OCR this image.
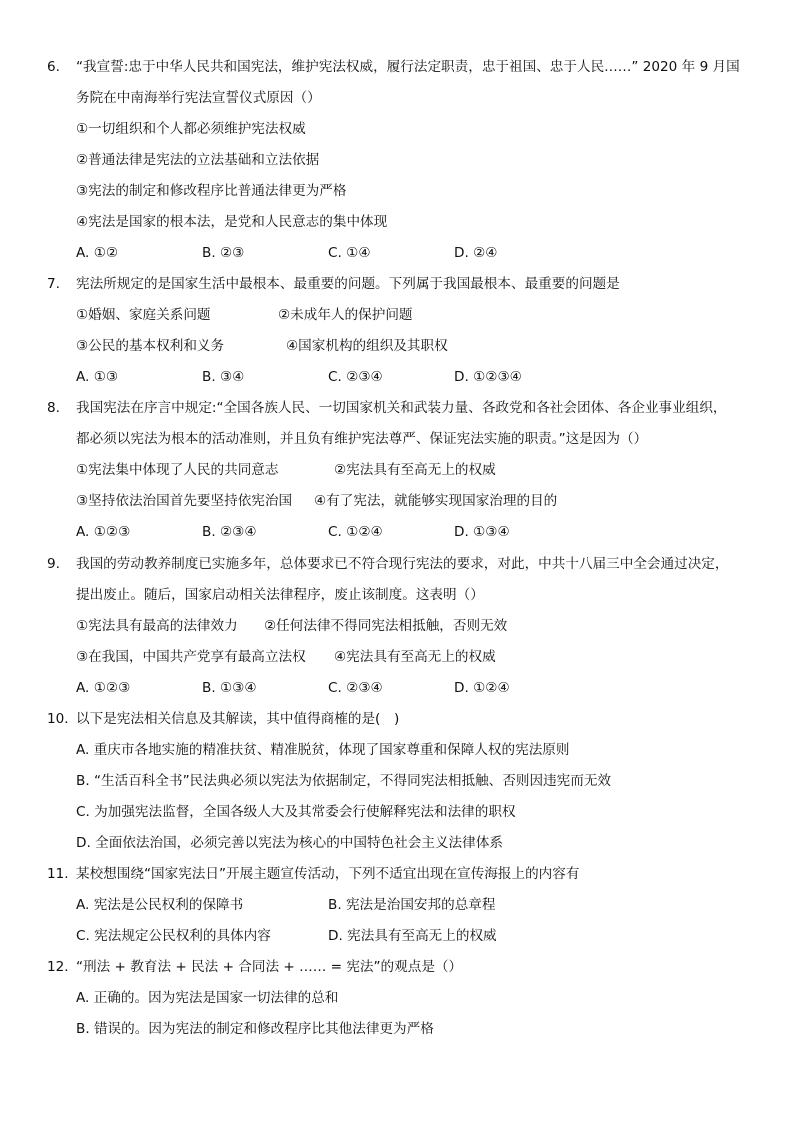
6. “我宣誓:忠于中华人民共和国宪法，维护宪法权威，履行法定职责，忠于祖国、忠于人民……” 2020 年 9 月国
务院在中南海举行宪法宣誓仪式原因（）
①一切组织和个人都必须维护宪法权威
②普通法律是宪法的立法基础和立法依据
③宪法的制定和修改程序比普通法律更为严格
④宪法是国家的根本法，是党和人民意志的集中体现
A. ①②	B. ②③	C. ①④	D. ②④
7. 宪法所规定的是国家生活中最根本、最重要的问题。下列属于我国最根本、最重要的问题是
①婚姻、家庭关系问题	②未成年人的保护问题
③公民的基本权利和义务	④国家机构的组织及其职权
A. ①③	B. ③④	C. ②③④	D. ①②③④
8. 我国宪法在序言中规定:“全国各族人民、一切国家机关和武装力量、各政党和各社会团体、各企业事业组织，
都必须以宪法为根本的活动准则，并且负有维护宪法尊严、保证宪法实施的职责。”这是因为（）
①宪法集中体现了人民的共同意志	②宪法具有至高无上的权威
③坚持依法治国首先要坚持依宪治国 ④有了宪法，就能够实现国家治理的目的
A. ①②③	B. ②③④	C. ①②④	D. ①③④
9. 我国的劳动教养制度已实施多年，总体要求已不符合现行宪法的要求，对此，中共十八届三中全会通过决定，
提出废止。随后，国家启动相关法律程序，废止该制度。这表明（）
①宪法具有最高的法律效力 ②任何法律不得同宪法相抵触，否则无效
③在我国，中国共产党享有最高立法权 ④宪法具有至高无上的权威
A. ①②③	B. ①③④	C. ②③④	D. ①②④
10. 以下是宪法相关信息及其解读，其中值得商榷的是(　)
A. 重庆市各地实施的精准扶贫、精准脱贫，体现了国家尊重和保障人权的宪法原则
B. “生活百科全书”民法典必须以宪法为依据制定，不得同宪法相抵触、否则因违宪而无效
C. 为加强宪法监督，全国各级人大及其常委会行使解释宪法和法律的职权
D. 全面依法治国，必须完善以宪法为核心的中国特色社会主义法律体系
11. 某校想围绕“国家宪法日”开展主题宣传活动，下列不适宜出现在宣传海报上的内容有
A. 宪法是公民权利的保障书	B. 宪法是治国安邦的总章程
C. 宪法规定公民权利的具体内容	D. 宪法具有至高无上的权威
12. “刑法 + 教育法 + 民法 + 合同法 + …… = 宪法”的观点是（）
A. 正确的。因为宪法是国家一切法律的总和
B. 错误的。因为宪法的制定和修改程序比其他法律更为严格
